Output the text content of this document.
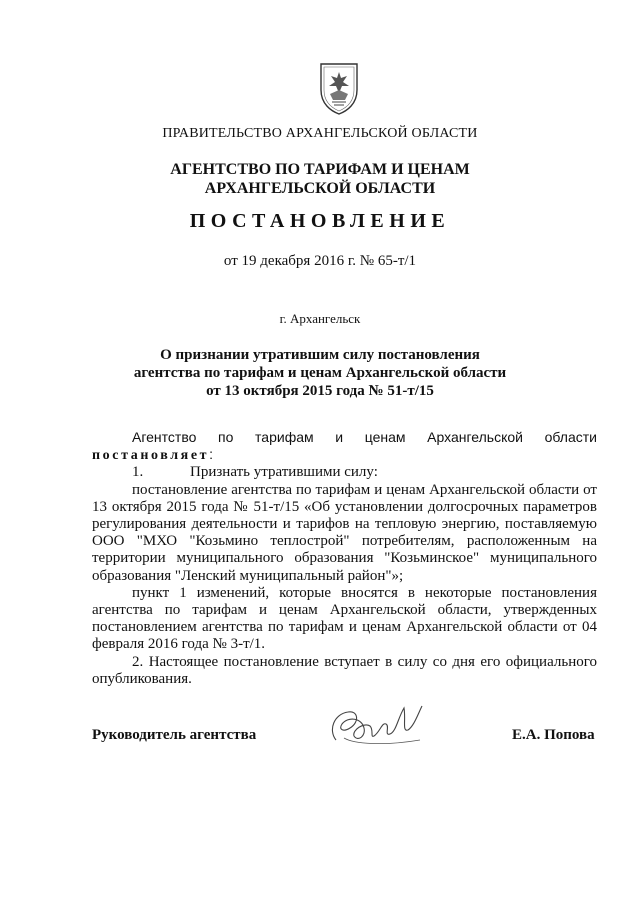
ПРАВИТЕЛЬСТВО АРХАНГЕЛЬСКОЙ ОБЛАСТИ
АГЕНТСТВО ПО ТАРИФАМ И ЦЕНАМ
АРХАНГЕЛЬСКОЙ ОБЛАСТИ
ПОСТАНОВЛЕНИЕ
от 19 декабря 2016 г. № 65-т/1
г. Архангельск
О признании утратившим силу постановления
агентства по тарифам и ценам Архангельской области
от 13 октября 2015 года № 51-т/15

Агентство по тарифам и ценам Архангельской области постановляет:

1.	Признать утратившими силу:

постановление агентства по тарифам и ценам Архангельской области от 13 октября 2015 года № 51-т/15 «Об установлении долгосрочных параметров регулирования деятельности и тарифов на тепловую энергию, поставляемую ООО "МХО "Козьмино теплострой" потребителям, расположенным на территории муниципального образования "Козьминское" муниципального образования "Ленский муниципальный район"»;

пункт 1 изменений, которые вносятся в некоторые постановления агентства по тарифам и ценам Архангельской области, утвержденных постановлением агентства по тарифам и ценам Архангельской области от 04 февраля 2016 года № 3-т/1.

2. Настоящее постановление вступает в силу со дня его официального опубликования.

Руководитель агентства	Е.А. Попова
